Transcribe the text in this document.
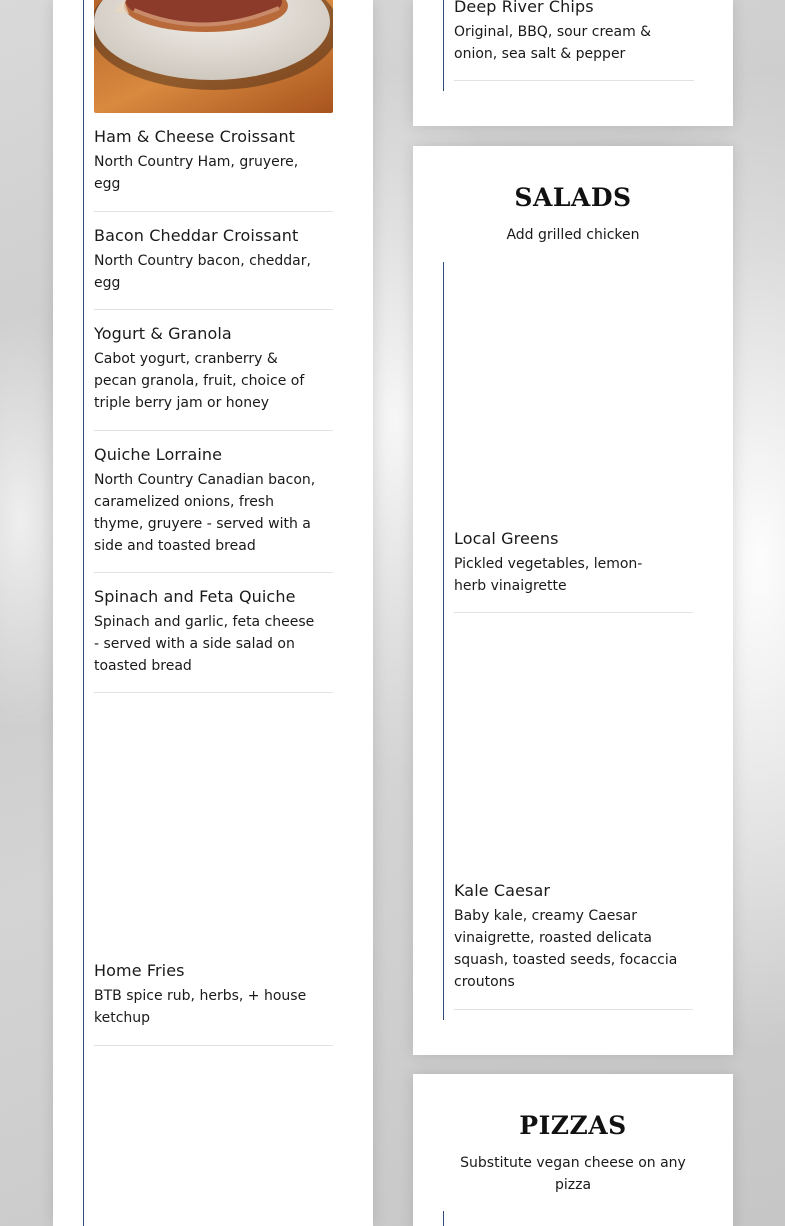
Ham & Cheese Croissant
North Country Ham, gruyere, egg
Bacon Cheddar Croissant
North Country bacon, cheddar, egg
Yogurt & Granola
Cabot yogurt, cranberry & pecan granola, fruit, choice of triple berry jam or honey
Quiche Lorraine
North Country Canadian bacon, caramelized onions, fresh thyme, gruyere - served with a side and toasted bread
Spinach and Feta Quiche
Spinach and garlic, feta cheese - served with a side salad on toasted bread
Home Fries
BTB spice rub, herbs, + house ketchup
Deep River Chips
Original, BBQ, sour cream & onion, sea salt & pepper
SALADS
Add grilled chicken
Local Greens
Pickled vegetables, lemon-herb vinaigrette
Kale Caesar
Baby kale, creamy Caesar vinaigrette, roasted delicata squash, toasted seeds, focaccia croutons
PIZZAS
Substitute vegan cheese on any pizza
